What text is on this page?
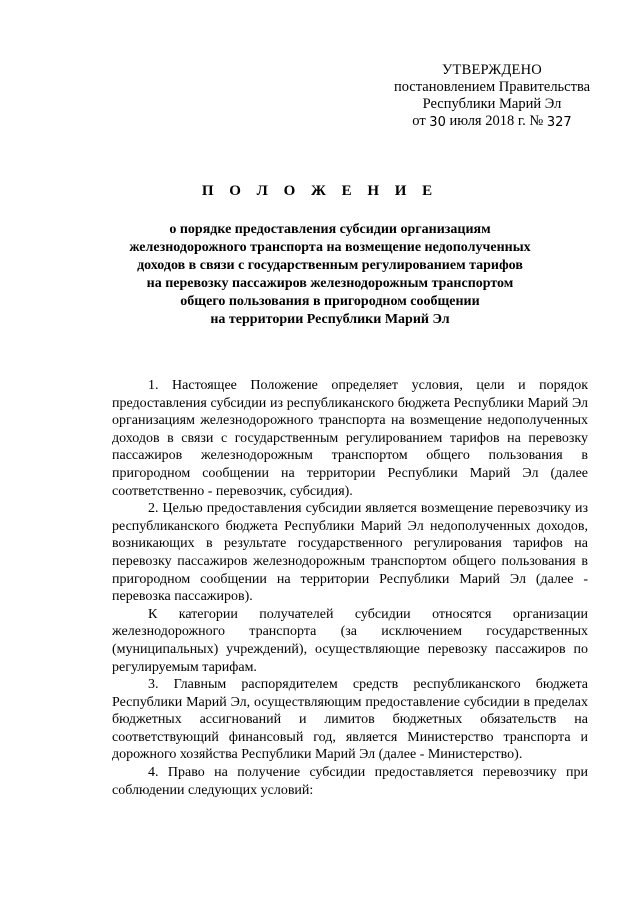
УТВЕРЖДЕНО
постановлением Правительства
Республики Марий Эл
от 30 июля 2018 г. № 327
П О Л О Ж Е Н И Е
о порядке предоставления субсидии организациям
железнодорожного транспорта на возмещение недополученных
доходов в связи с государственным регулированием тарифов
на перевозку пассажиров железнодорожным транспортом
общего пользования в пригородном сообщении
на территории Республики Марий Эл

1. Настоящее Положение определяет условия, цели и порядок предоставления субсидии из республиканского бюджета Республики Марий Эл организациям железнодорожного транспорта на возмещение недополученных доходов в связи с государственным регулированием тарифов на перевозку пассажиров железнодорожным транспортом общего пользования в пригородном сообщении на территории Республики Марий Эл (далее соответственно - перевозчик, субсидия).

2. Целью предоставления субсидии является возмещение перевозчику из республиканского бюджета Республики Марий Эл недополученных доходов, возникающих в результате государственного регулирования тарифов на перевозку пассажиров железнодорожным транспортом общего пользования в пригородном сообщении на территории Республики Марий Эл (далее - перевозка пассажиров).

К категории получателей субсидии относятся организации железнодорожного транспорта (за исключением государственных (муниципальных) учреждений), осуществляющие перевозку пассажиров по регулируемым тарифам.

3. Главным распорядителем средств республиканского бюджета Республики Марий Эл, осуществляющим предоставление субсидии в пределах бюджетных ассигнований и лимитов бюджетных обязательств на соответствующий финансовый год, является Министерство транспорта и дорожного хозяйства Республики Марий Эл (далее - Министерство).

4. Право на получение субсидии предоставляется перевозчику при соблюдении следующих условий:
